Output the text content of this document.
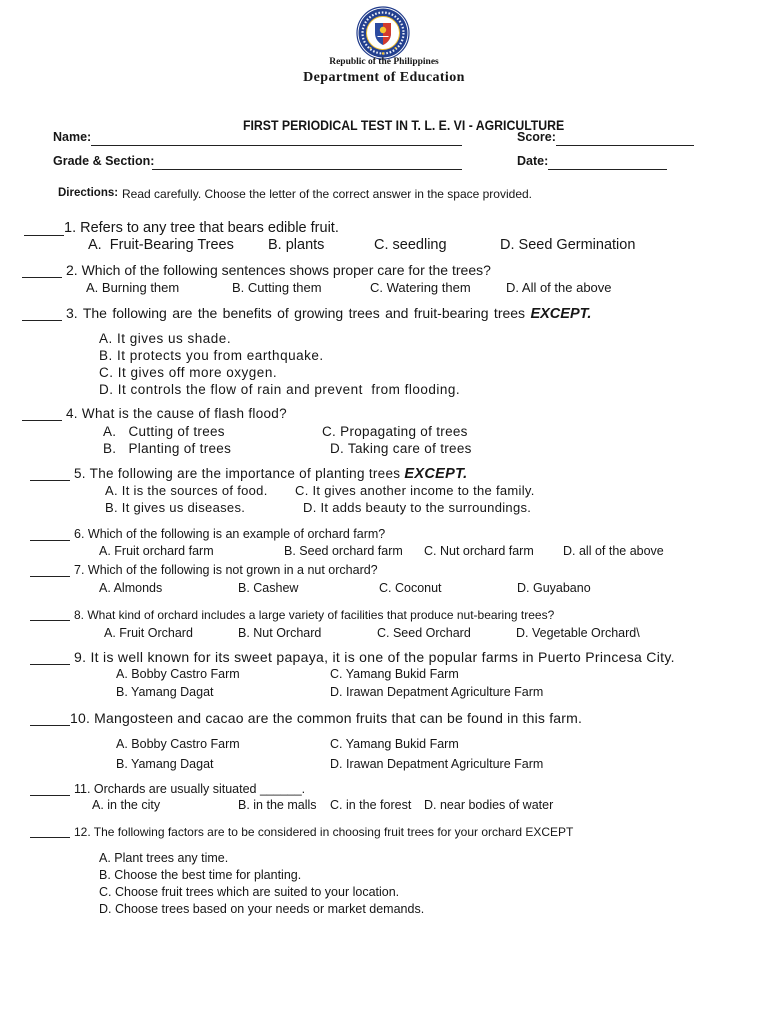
Republic of the Philippines
Department of Education

FIRST PERIODICAL TEST IN T. L. E. VI - AGRICULTURE

Name:	Score:
Grade & Section:	Date:
Directions: Read carefully. Choose the letter of the correct answer in the space provided.
1. Refers to any tree that bears edible fruit.
A.  Fruit-Bearing Trees B. plants	C. seedling	D. Seed Germination
2. Which of the following sentences shows proper care for the trees?
A. Burning them	B. Cutting them	C. Watering them	D. All of the above
3. The following are the benefits of growing trees and fruit-bearing trees EXCEPT.
A. It gives us shade.
B. It protects you from earthquake.
C. It gives off more oxygen.
D. It controls the flow of rain and prevent  from flooding.
4. What is the cause of flash flood?
A.   Cutting of trees
B.   Planting of trees
C. Propagating of trees
D. Taking care of trees
5. The following are the importance of planting trees EXCEPT.
A. It is the sources of food.
B. It gives us diseases.
C. It gives another income to the family.
D. It adds beauty to the surroundings.
6. Which of the following is an example of orchard farm?
A. Fruit orchard farm	B. Seed orchard farm C. Nut orchard farm D. all of the above
7. Which of the following is not grown in a nut orchard?
A. Almonds	B. Cashew	C. Coconut	D. Guyabano
8. What kind of orchard includes a large variety of facilities that produce nut-bearing trees?
A. Fruit Orchard	B. Nut Orchard	C. Seed Orchard	D. Vegetable Orchard\
9. It is well known for its sweet papaya, it is one of the popular farms in Puerto Princesa City.
A. Bobby Castro Farm
B. Yamang Dagat
C. Yamang Bukid Farm
D. Irawan Depatment Agriculture Farm
10. Mangosteen and cacao are the common fruits that can be found in this farm.
A. Bobby Castro Farm
B. Yamang Dagat
C. Yamang Bukid Farm
D. Irawan Depatment Agriculture Farm
11. Orchards are usually situated ______.
A. in the city	B. in the malls C. in the forest D. near bodies of water
12. The following factors are to be considered in choosing fruit trees for your orchard EXCEPT
A. Plant trees any time.
B. Choose the best time for planting.
C. Choose fruit trees which are suited to your location.
D. Choose trees based on your needs or market demands.
